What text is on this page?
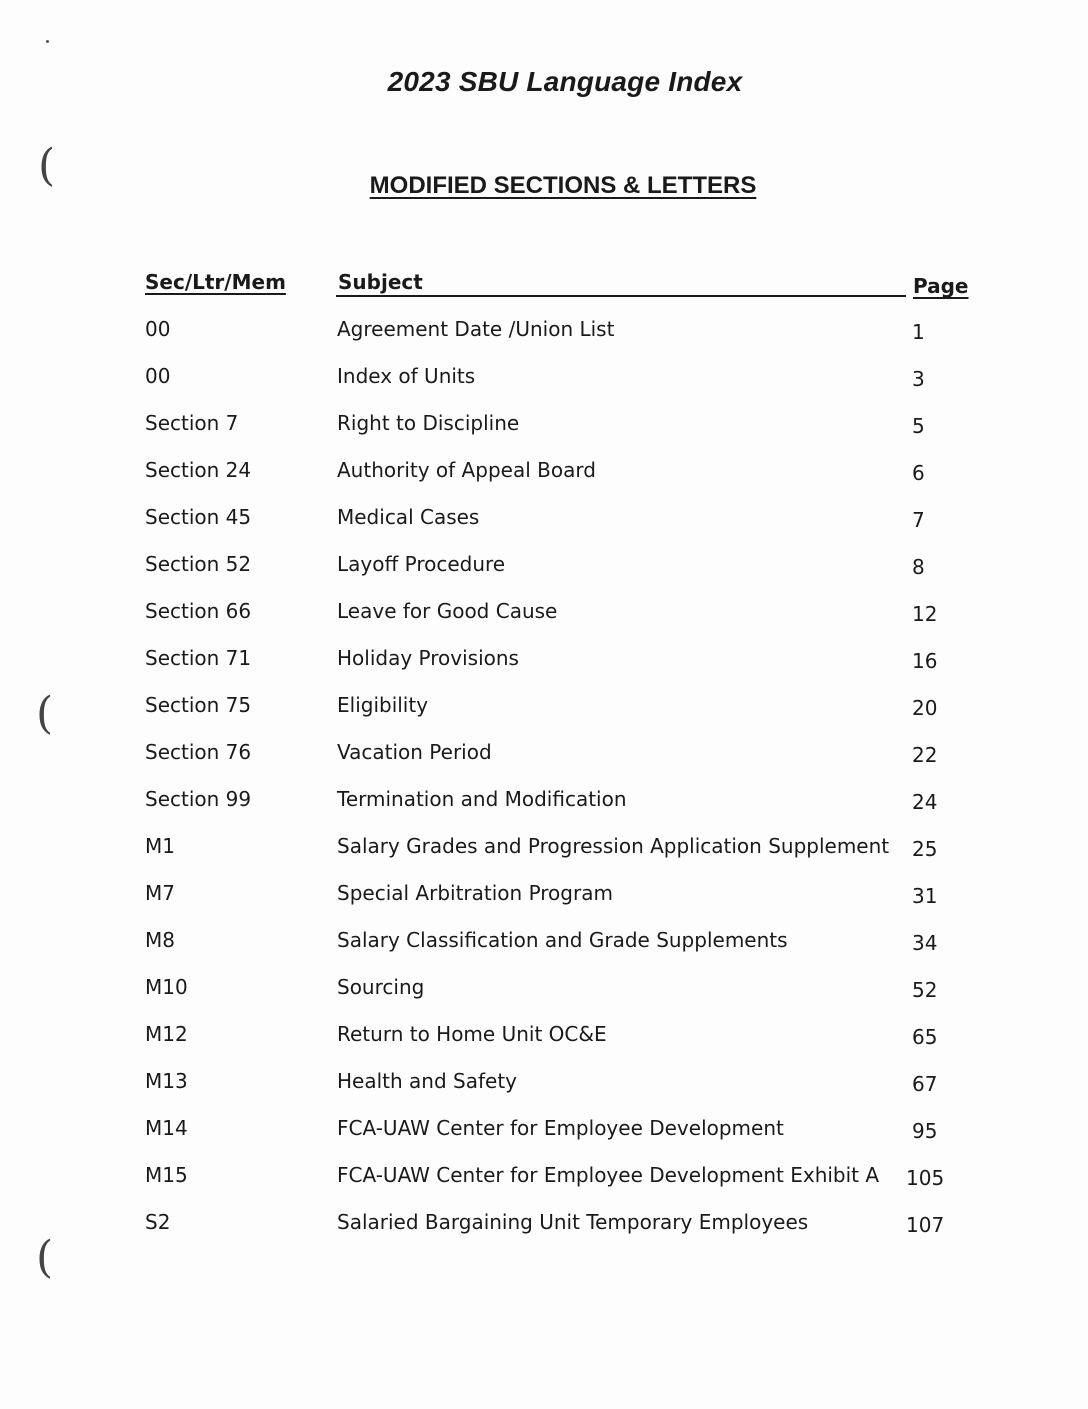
(
(
(
2023 SBU Language Index
MODIFIED SECTIONS & LETTERS
Sec/Ltr/Mem	Subject	Page
00	Agreement Date /Union List	1
00	Index of Units	3
Section 7	Right to Discipline	5
Section 24	Authority of Appeal Board	6
Section 45	Medical Cases	7
Section 52	Layoff Procedure	8
Section 66	Leave for Good Cause	12
Section 71	Holiday Provisions	16
Section 75	Eligibility	20
Section 76	Vacation Period	22
Section 99	Termination and Modification	24
M1	Salary Grades and Progression Application Supplement 25
M7	Special Arbitration Program	31
M8	Salary Classification and Grade Supplements	34
M10	Sourcing	52
M12	Return to Home Unit OC&E	65
M13	Health and Safety	67
M14	FCA-UAW Center for Employee Development	95
M15	FCA-UAW Center for Employee Development Exhibit A 105
S2	Salaried Bargaining Unit Temporary Employees	107
